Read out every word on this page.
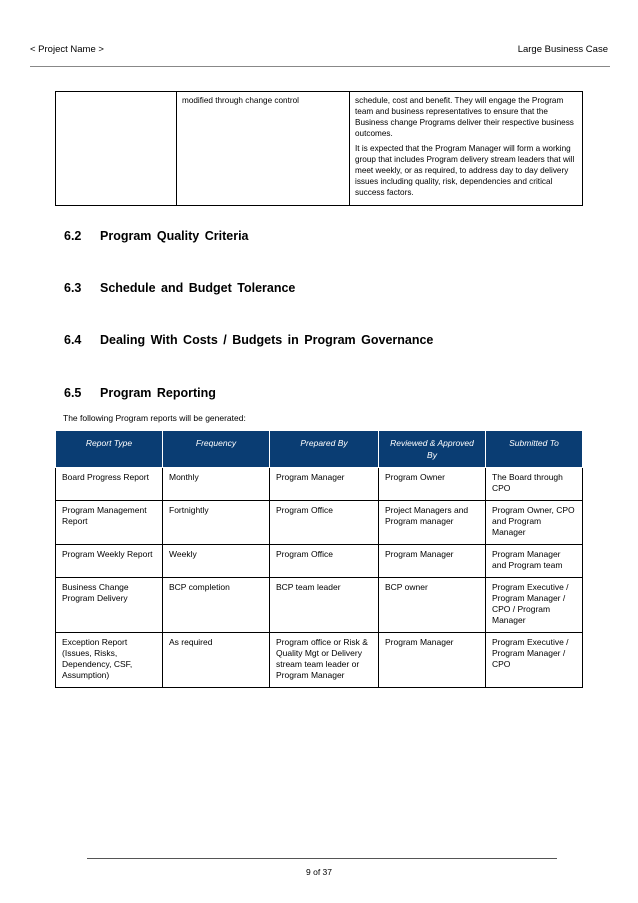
< Project Name >	Large Business Case
	modified through change control	schedule, cost and benefit. They will engage the Program team and business representatives to ensure that the Business change Programs deliver their respective business outcomes.

It is expected that the Program Manager will form a working group that includes Program delivery stream leaders that will meet weekly, or as required, to address day to day delivery issues including quality, risk, dependencies and critical success factors.

6.2 Program Quality Criteria
6.3 Schedule and Budget Tolerance
6.4 Dealing With Costs / Budgets in Program Governance
6.5 Program Reporting
The following Program reports will be generated:
Report Type	Frequency	Prepared By	Reviewed & Approved By	Submitted To
Board Progress Report	Monthly	Program Manager	Program Owner	The Board through CPO
Program Management Report	Fortnightly	Program Office	Project Managers and Program manager	Program Owner, CPO and Program Manager
Program Weekly Report	Weekly	Program Office	Program Manager	Program Manager and Program team
Business Change Program Delivery	BCP completion	BCP team leader	BCP owner	Program Executive / Program Manager / CPO / Program Manager
Exception Report (Issues, Risks, Dependency, CSF, Assumption)	As required	Program office or Risk & Quality Mgt or Delivery stream team leader or Program Manager	Program Manager	Program Executive / Program Manager / CPO
9 of 37
